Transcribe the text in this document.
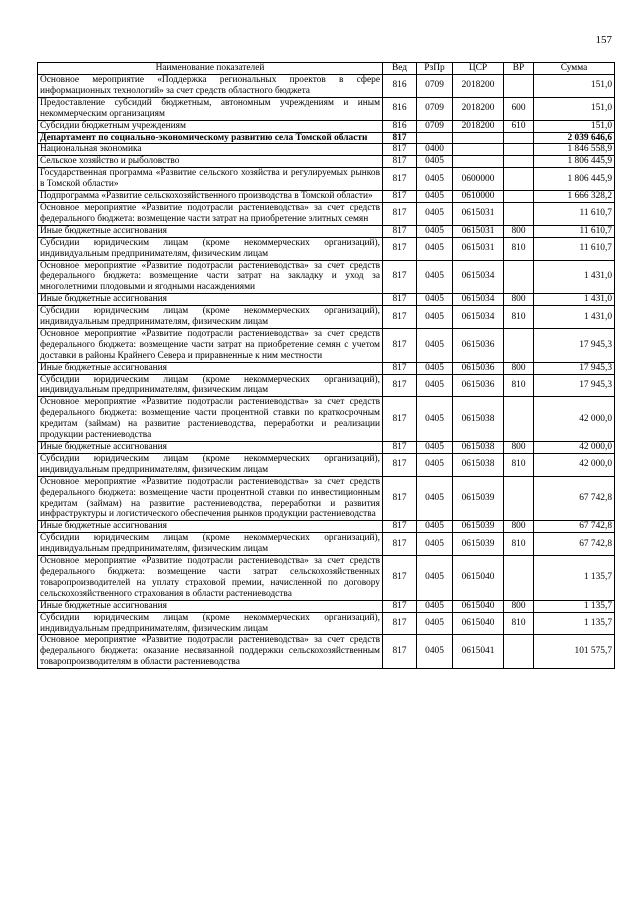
157
Наименование показателей	Вед	РзПр	ЦСР	ВР	Сумма
Основное мероприятие «Поддержка региональных проектов в сфере информационных технологий» за счет средств областного бюджета	816	0709	2018200		151,0
Предоставление субсидий бюджетным, автономным учреждениям и иным некоммерческим организациям	816	0709	2018200	600	151,0
Субсидии бюджетным учреждениям	816	0709	2018200	610	151,0
Департамент по социально-экономическому развитию села Томской области	817				2 039 646,6
Национальная экономика	817	0400			1 846 558,9
Сельское хозяйство и рыболовство	817	0405			1 806 445,9
Государственная программа «Развитие сельского хозяйства и регулируемых рынков в Томской области»	817	0405	0600000		1 806 445,9
Подпрограмма «Развитие сельскохозяйственного производства в Томской области»	817	0405	0610000		1 666 328,2
Основное мероприятие «Развитие подотрасли растениеводства» за счет средств федерального бюджета: возмещение части затрат на приобретение элитных семян	817	0405	0615031		11 610,7
Иные бюджетные ассигнования	817	0405	0615031	800	11 610,7
Субсидии юридическим лицам (кроме некоммерческих организаций), индивидуальным предпринимателям, физическим лицам	817	0405	0615031	810	11 610,7
Основное мероприятие «Развитие подотрасли растениеводства» за счет средств федерального бюджета: возмещение части затрат на закладку и уход за многолетними плодовыми и ягодными насаждениями	817	0405	0615034		1 431,0
Иные бюджетные ассигнования	817	0405	0615034	800	1 431,0
Субсидии юридическим лицам (кроме некоммерческих организаций), индивидуальным предпринимателям, физическим лицам	817	0405	0615034	810	1 431,0
Основное мероприятие «Развитие подотрасли растениеводства» за счет средств федерального бюджета: возмещение части затрат на приобретение семян с учетом доставки в районы Крайнего Севера и приравненные к ним местности	817	0405	0615036		17 945,3
Иные бюджетные ассигнования	817	0405	0615036	800	17 945,3
Субсидии юридическим лицам (кроме некоммерческих организаций), индивидуальным предпринимателям, физическим лицам	817	0405	0615036	810	17 945,3
Основное мероприятие «Развитие подотрасли растениеводства» за счет средств федерального бюджета: возмещение части процентной ставки по краткосрочным кредитам (займам) на развитие растениеводства, переработки и реализации продукции растениеводства	817	0405	0615038		42 000,0
Иные бюджетные ассигнования	817	0405	0615038	800	42 000,0
Субсидии юридическим лицам (кроме некоммерческих организаций), индивидуальным предпринимателям, физическим лицам	817	0405	0615038	810	42 000,0
Основное мероприятие «Развитие подотрасли растениеводства» за счет средств федерального бюджета: возмещение части процентной ставки по инвестиционным кредитам (займам) на развитие растениеводства, переработки и развития инфраструктуры и логистического обеспечения рынков продукции растениеводства	817	0405	0615039		67 742,8
Иные бюджетные ассигнования	817	0405	0615039	800	67 742,8
Субсидии юридическим лицам (кроме некоммерческих организаций), индивидуальным предпринимателям, физическим лицам	817	0405	0615039	810	67 742,8
Основное мероприятие «Развитие подотрасли растениеводства» за счет средств федерального бюджета: возмещение части затрат сельскохозяйственных товаропроизводителей на уплату страховой премии, начисленной по договору сельскохозяйственного страхования в области растениеводства	817	0405	0615040		1 135,7
Иные бюджетные ассигнования	817	0405	0615040	800	1 135,7
Субсидии юридическим лицам (кроме некоммерческих организаций), индивидуальным предпринимателям, физическим лицам	817	0405	0615040	810	1 135,7
Основное мероприятие «Развитие подотрасли растениеводства» за счет средств федерального бюджета: оказание несвязанной поддержки сельскохозяйственным товаропроизводителям в области растениеводства	817	0405	0615041		101 575,7
